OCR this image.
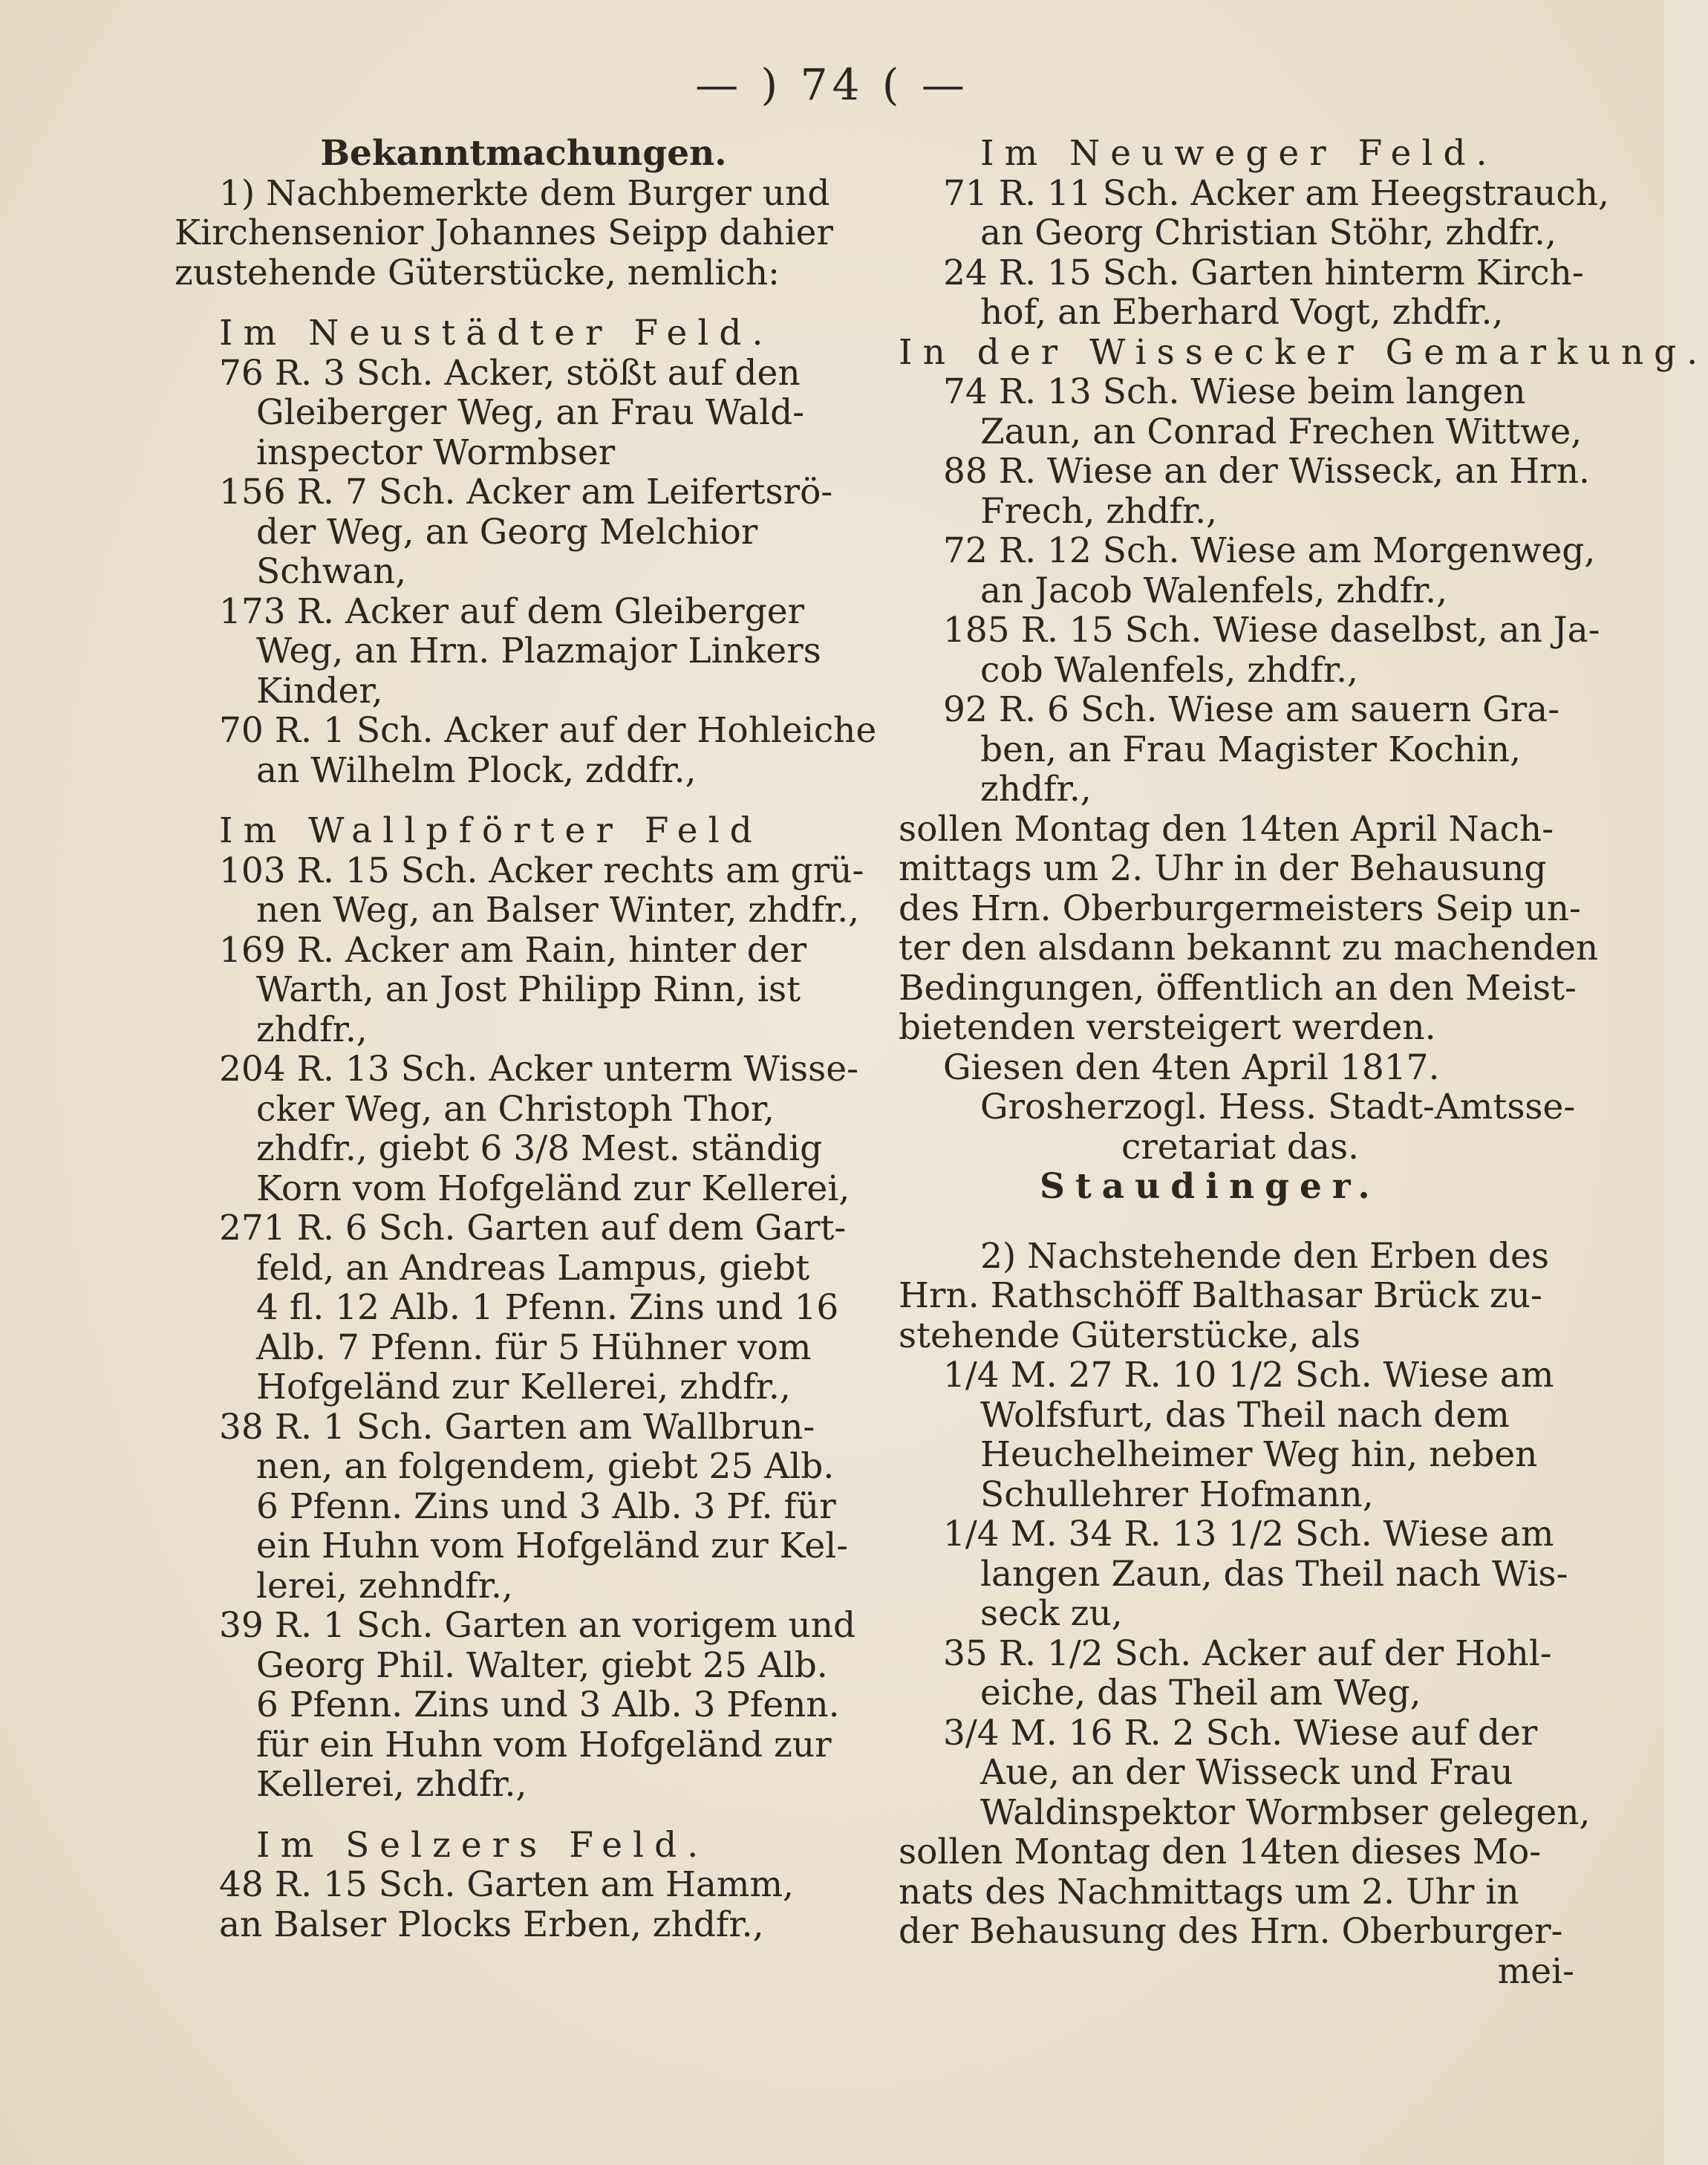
— ) 74 ( —
Bekanntmachungen.
1) Nachbemerkte dem Burger und
Kirchensenior Johannes Seipp dahier
zustehende Güterstücke, nemlich:
Im Neustädter Feld.
76 R. 3 Sch. Acker, stößt auf den
Gleiberger Weg, an Frau Wald-
inspector Wormbser
156 R. 7 Sch. Acker am Leifertsrö-
der Weg, an Georg Melchior
Schwan,
173 R. Acker auf dem Gleiberger
Weg, an Hrn. Plazmajor Linkers
Kinder,
70 R. 1 Sch. Acker auf der Hohleiche
an Wilhelm Plock, zddfr.,
Im Wallpförter Feld
103 R. 15 Sch. Acker rechts am grü-
nen Weg, an Balser Winter, zhdfr.,
169 R. Acker am Rain, hinter der
Warth, an Jost Philipp Rinn, ist
zhdfr.,
204 R. 13 Sch. Acker unterm Wisse-
cker Weg, an Christoph Thor,
zhdfr., giebt 6 3/8 Mest. ständig
Korn vom Hofgeländ zur Kellerei,
271 R. 6 Sch. Garten auf dem Gart-
feld, an Andreas Lampus, giebt
4 fl. 12 Alb. 1 Pfenn. Zins und 16
Alb. 7 Pfenn. für 5 Hühner vom
Hofgeländ zur Kellerei, zhdfr.,
38 R. 1 Sch. Garten am Wallbrun-
nen, an folgendem, giebt 25 Alb.
6 Pfenn. Zins und 3 Alb. 3 Pf. für
ein Huhn vom Hofgeländ zur Kel-
lerei, zehndfr.,
39 R. 1 Sch. Garten an vorigem und
Georg Phil. Walter, giebt 25 Alb.
6 Pfenn. Zins und 3 Alb. 3 Pfenn.
für ein Huhn vom Hofgeländ zur
Kellerei, zhdfr.,
Im Selzers Feld.
48 R. 15 Sch. Garten am Hamm,
an Balser Plocks Erben, zhdfr.,
Im Neuweger Feld.
71 R. 11 Sch. Acker am Heegstrauch,
an Georg Christian Stöhr, zhdfr.,
24 R. 15 Sch. Garten hinterm Kirch-
hof, an Eberhard Vogt, zhdfr.,
In der Wissecker Gemarkung.
74 R. 13 Sch. Wiese beim langen
Zaun, an Conrad Frechen Wittwe,
88 R. Wiese an der Wisseck, an Hrn.
Frech, zhdfr.,
72 R. 12 Sch. Wiese am Morgenweg,
an Jacob Walenfels, zhdfr.,
185 R. 15 Sch. Wiese daselbst, an Ja-
cob Walenfels, zhdfr.,
92 R. 6 Sch. Wiese am sauern Gra-
ben, an Frau Magister Kochin,
zhdfr.,
sollen Montag den 14ten April Nach-
mittags um 2. Uhr in der Behausung
des Hrn. Oberburgermeisters Seip un-
ter den alsdann bekannt zu machenden
Bedingungen, öffentlich an den Meist-
bietenden versteigert werden.
Giesen den 4ten April 1817.
Grosherzogl. Hess. Stadt-Amtsse-
cretariat das.
Staudinger.
2) Nachstehende den Erben des
Hrn. Rathschöff Balthasar Brück zu-
stehende Güterstücke, als
1/4 M. 27 R. 10 1/2 Sch. Wiese am
Wolfsfurt, das Theil nach dem
Heuchelheimer Weg hin, neben
Schullehrer Hofmann,
1/4 M. 34 R. 13 1/2 Sch. Wiese am
langen Zaun, das Theil nach Wis-
seck zu,
35 R. 1/2 Sch. Acker auf der Hohl-
eiche, das Theil am Weg,
3/4 M. 16 R. 2 Sch. Wiese auf der
Aue, an der Wisseck und Frau
Waldinspektor Wormbser gelegen,
sollen Montag den 14ten dieses Mo-
nats des Nachmittags um 2. Uhr in
der Behausung des Hrn. Oberburger-
mei-
